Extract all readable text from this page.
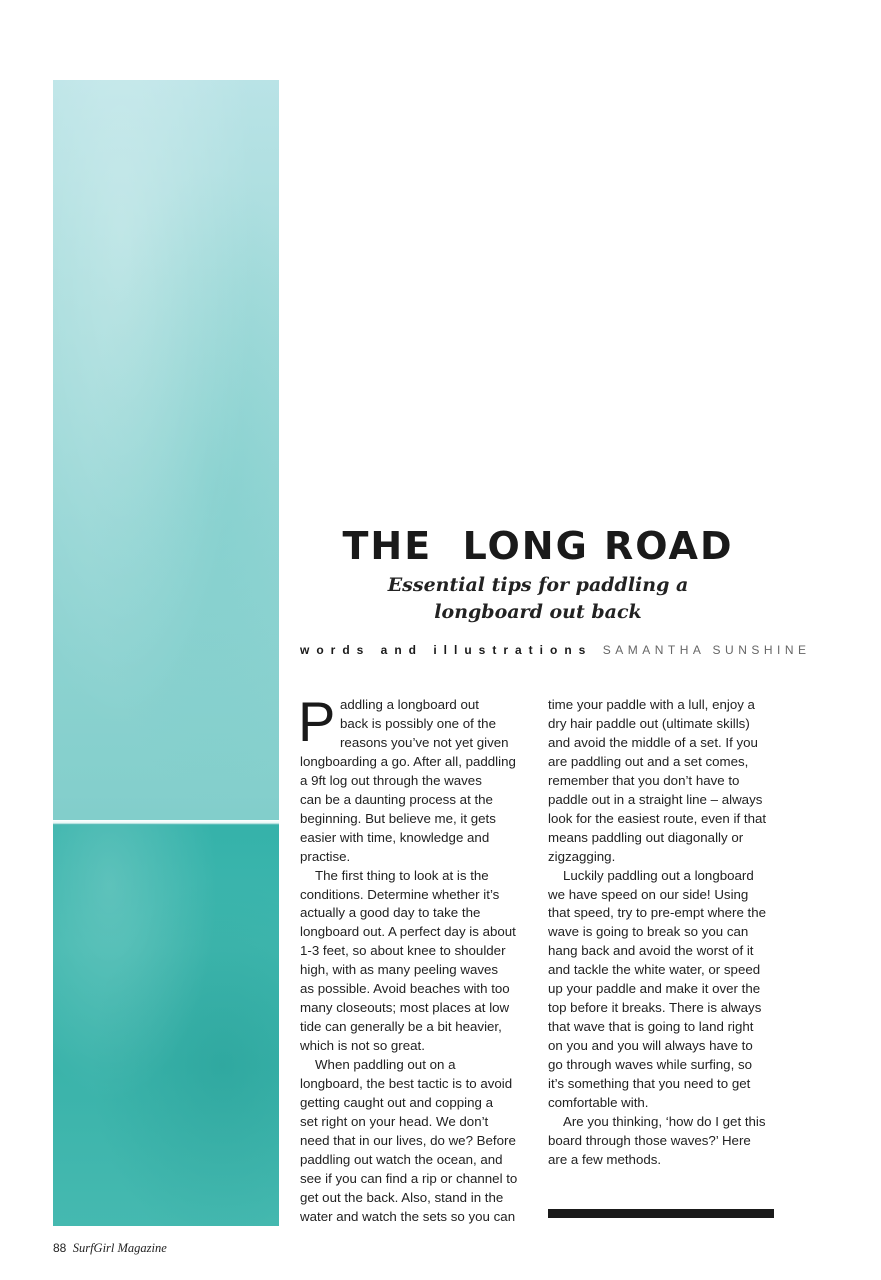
THE  LONG ROAD
Essential tips for paddling a
longboard out back

words and illustrations SAMANTHA SUNSHINE

P addling a longboard out
back is possibly one of the
reasons you’ve not yet given
longboarding a go. After all, paddling
a 9ft log out through the waves
can be a daunting process at the
beginning. But believe me, it gets
easier with time, knowledge and
practise.
The first thing to look at is the
conditions. Determine whether it’s
actually a good day to take the
longboard out. A perfect day is about
1-3 feet, so about knee to shoulder
high, with as many peeling waves
as possible. Avoid beaches with too
many closeouts; most places at low
tide can generally be a bit heavier,
which is not so great.
When paddling out on a
longboard, the best tactic is to avoid
getting caught out and copping a
set right on your head. We don’t
need that in our lives, do we? Before
paddling out watch the ocean, and
see if you can find a rip or channel to
get out the back. Also, stand in the
water and watch the sets so you can
time your paddle with a lull, enjoy a
dry hair paddle out (ultimate skills)
and avoid the middle of a set. If you
are paddling out and a set comes,
remember that you don’t have to
paddle out in a straight line – always
look for the easiest route, even if that
means paddling out diagonally or
zigzagging.
Luckily paddling out a longboard
we have speed on our side! Using
that speed, try to pre-empt where the
wave is going to break so you can
hang back and avoid the worst of it
and tackle the white water, or speed
up your paddle and make it over the
top before it breaks. There is always
that wave that is going to land right
on you and you will always have to
go through waves while surfing, so
it’s something that you need to get
comfortable with.
Are you thinking, ‘how do I get this
board through those waves?’ Here
are a few methods.

88 SurfGirl Magazine
